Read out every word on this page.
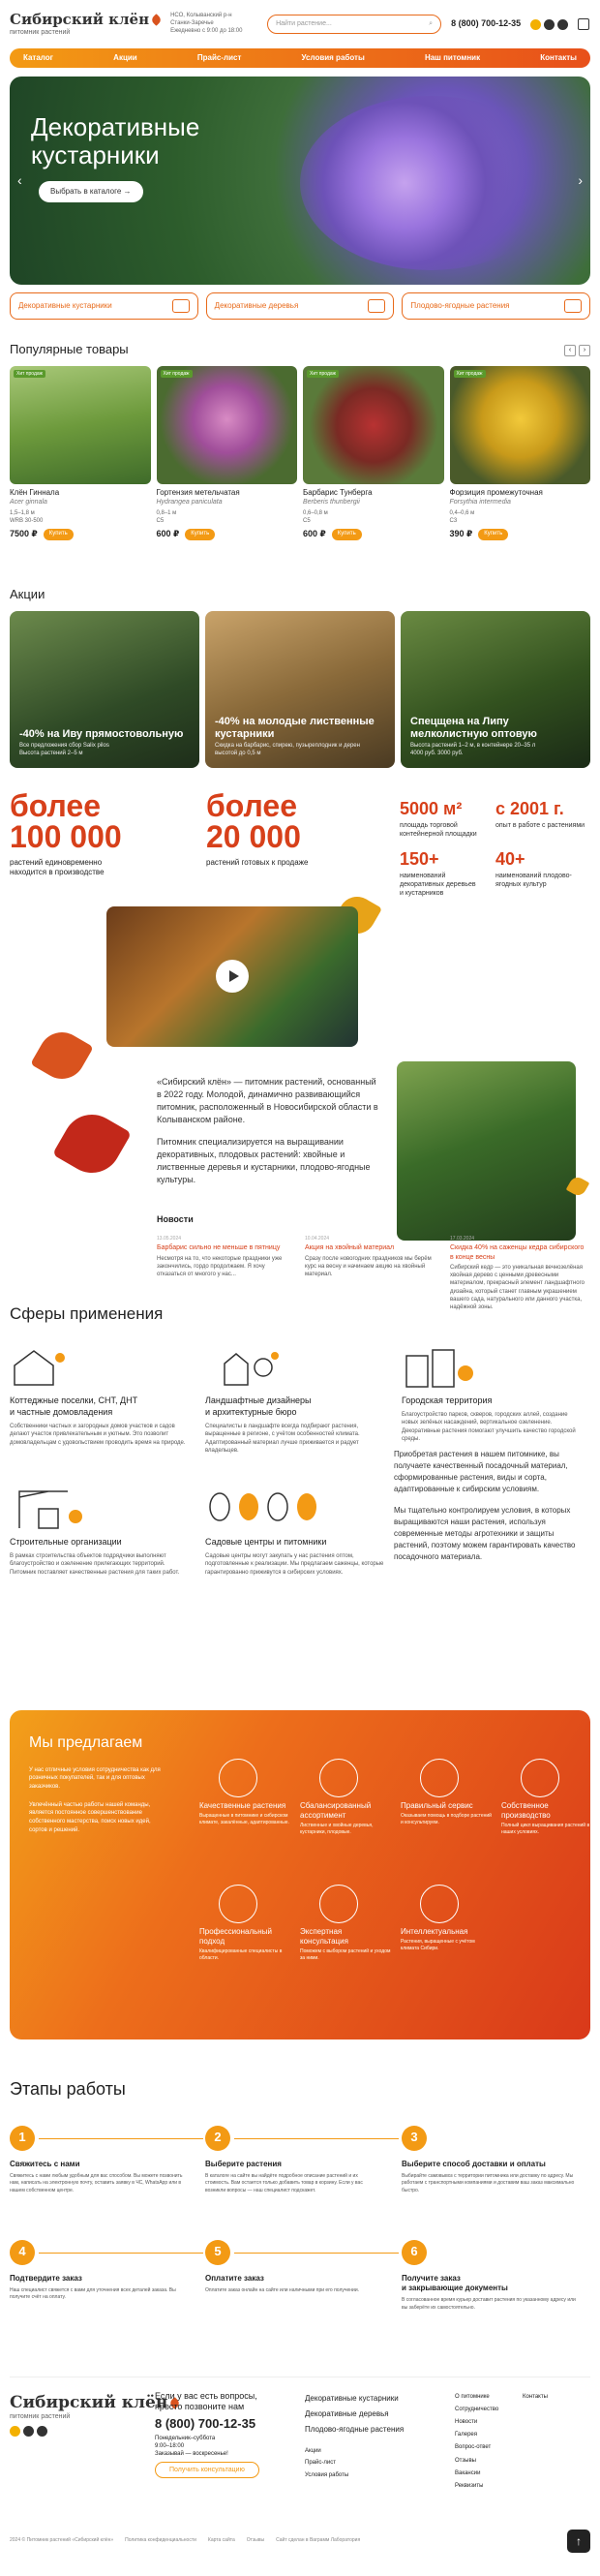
Сибирский клён
питомник растений
НСО, Колыванский р-н
Станки-Заречье
Ежедневно с 9:00 до 18:00
Найти растение...	⌕ 8 (800) 700-12-35
Каталог	Акции	Прайс-лист	Условия работы	Наш питомник	Контакты
Декоративные
кустарники
Выбрать в каталоге →
‹	›
Декоративные кустарники	Декоративные деревья	Плодово-ягодные растения
Популярные товары	‹ ›
Хит продаж
Клён Гиннала
Acer ginnala
1,5–1,8 м
WRB 30-500
7500 ₽	Купить
Хит продаж
Гортензия метельчатая
Hydrangea paniculata
0,8–1 м
C5
600 ₽	Купить
Хит продаж
Барбарис Тунберга
Berberis thunbergii
0,6–0,8 м
C5
600 ₽	Купить
Хит продаж
Форзиция промежуточная
Forsythia intermedia
0,4–0,6 м
C3
390 ₽	Купить
Акции
-40% на Иву прямостовольную
Все предложения сбор Salix pilos
Высота растений 2–5 м
-40% на молодые лиственные кустарники
Скидка на барбарис, спирею, пузыреплодник и дерен высотой до 0,5 м
Спецщена на Липу мелколистную оптовую
Высота растений 1–2 м, в контейнере 20–35 л
4000 руб. 3000 руб.
более
100 000
растений единовременно
находится в производстве
более
20 000
растений готовых к продаже
5000 м²
площадь торговой
контейнерной площадки
с 2001 г.
опыт в работе с растениями
150+
наименований
декоративных деревьев
и кустарников
40+
наименований плодово-
ягодных культур

«Сибирский клён» — питомник растений, основанный в 2022 году. Молодой, динамично развивающийся питомник, расположенный в Новосибирской области в Колыванском районе.

Питомник специализируется на выращивании декоративных, плодовых растений: хвойные и лиственные деревья и кустарники, плодово-ягодные культуры.

Новости
13.05.2024
Барбарис сильно не меньше в пятницу
Несмотря на то, что некоторые праздники уже закончились, гордо продолжаем. Я хочу отказаться от многого у нас...
10.04.2024
Акция на хвойный материал
Сразу после новогодних праздников мы берём курс на весну и начинаем акцию на хвойный материал.
17.03.2024
Скидка 40% на саженцы кедра сибирского в конце весны
Сибирский кедр — это уникальная вечнозелёная хвойная дерево с ценными древесными материалом, прекрасный элемент ландшафтного дизайна, который станет главным украшением вашего сада, натурального или данного участка, надёжной зоны.
Сферы применения
Коттеджные поселки, СНТ, ДНТ
и частные домовладения
Собственники частных и загородных домов участков и садов делают участок привлекательным и уютным. Это позволит домовладельцам с удовольствием проводить время на природе.
Ландшафтные дизайнеры
и архитектурные бюро
Специалисты в ландшафте всегда подбирают растения, выращенные в регионе, с учётом особенностей климата. Адаптированный материал лучше приживается и радует владельцев.
Городская территория
Благоустройство парков, скверов, городских аллей, создание новых зелёных насаждений, вертикальное озеленение. Декоративные растения помогают улучшить качество городской среды.
Строительные организации
В рамках строительства объектов подрядчики выполняют благоустройство и озеленение прилегающих территорий. Питомник поставляет качественные растения для таких работ.
Садовые центры и питомники
Садовые центры могут закупать у нас растения оптом, подготовленные к реализации. Мы предлагаем саженцы, которые гарантированно приживутся в сибирских условиях.

Приобретая растения в нашем питомнике, вы получаете качественный посадочный материал, сформированные растения, виды и сорта, адаптированные к сибирским условиям.

Мы тщательно контролируем условия, в которых выращиваются наши растения, используя современные методы агротехники и защиты растений, поэтому можем гарантировать качество посадочного материала.

Мы предлагаем

У нас отличные условия сотрудничества как для розничных покупателей, так и для оптовых заказчиков.

Увлечённый частью работы нашей команды, является постоянное совершенствование собственного мастерства, поиск новых идей, сортов и решений.

Качественные растения
Выращенные в питомнике и сибирском климате, закалённые, адаптированные.
Сбалансированный ассортимент
Лиственные и хвойные деревья, кустарники, плодовые.
Правильный сервис
Оказываем помощь в подборе растений и консультируем.
Собственное производство
Полный цикл выращивания растений в наших условиях.
Профессиональный подход
Квалифицированные специалисты в области.
Экспертная консультация
Поможем с выбором растений и уходом за ними.
Интеллектуальная
Растения, выращенные с учётом климата Сибири.
Этапы работы
1
Свяжитесь с нами
Свяжитесь с нами любым удобным для вас способом. Вы можете позвонить нам, написать на электронную почту, оставить заявку в ЧС, WhatsApp или в нашем собственном центре.
2
Выберите растения
В каталоге на сайте вы найдёте подробное описание растений и их стоимость. Вам остается только добавить товар в корзину. Если у вас возникли вопросы — наш специалист подскажет.
3
Выберите способ доставки и оплаты
Выбирайте самовывоз с территории питомника или доставку по адресу. Мы работаем с транспортными компаниями и доставим ваш заказ максимально быстро.
4
Подтвердите заказ
Наш специалист свяжется с вами для уточнения всех деталей заказа. Вы получите счёт на оплату.
5
Оплатите заказ
Оплатите заказ онлайн на сайте или наличными при его получении.
6
Получите заказ
и закрывающие документы
В согласованное время курьер доставит растения по указанному адресу или вы заберёте их самостоятельно.
Сибирский клён
питомник растений
Если у вас есть вопросы,
просто позвоните нам
8 (800) 700-12-35
Понедельник–суббота
9:00–18:00
Заказывай — воскресенье!
Получить консультацию
Декоративные кустарники
Декоративные деревья
Плодово-ягодные растения
Акции
Прайс-лист
Условия работы
О питомнике
Сотрудничество
Новости
Галерея
Вопрос-ответ
Отзывы
Вакансии
Реквизиты
Контакты
2024 © Питомник растений «Сибирский клён» Политика конфиденциальности Карта сайта Отзывы Сайт сделан в Ваграмм Лаборатория	↑
